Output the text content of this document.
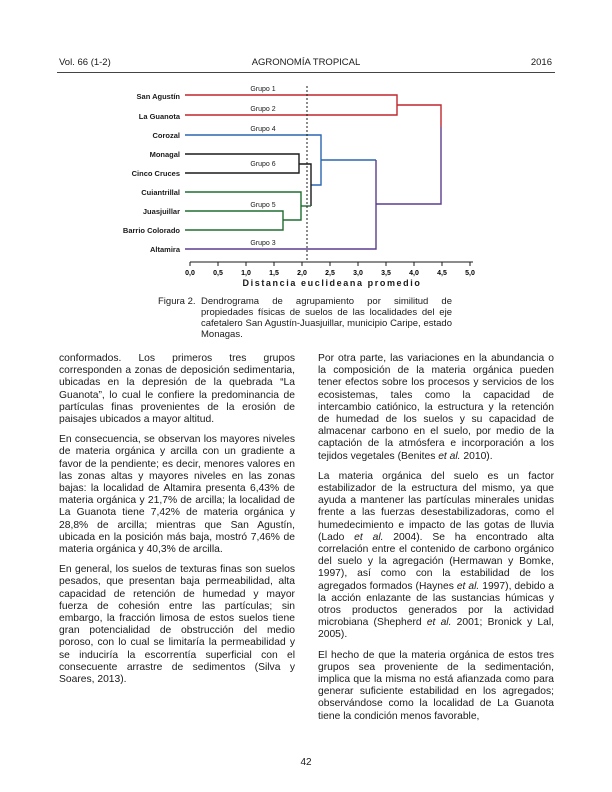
Vol. 66 (1-2)	AGRONOMÍA TROPICAL	2016
San Agustín
La Guanota
Corozal
Monagal
Cinco Cruces
Cuiantrillal
Juasjuillar
Barrio Colorado
Altamira
Grupo 1
Grupo 2
Grupo 4
Grupo 6
Grupo 5
Grupo 3
0,0	0,5	1,0	1,5	2,0	2,5	3,0	3,5	4,0	4,5	5,0
Distancia euclideana promedio
Figura 2. Dendrograma de agrupamiento por similitud de propiedades físicas de suelos de las localidades del eje cafetalero San Agustín-Juasjuillar, municipio Caripe, estado Monagas.

conformados. Los primeros tres grupos corresponden a zonas de deposición sedimentaria, ubicadas en la depresión de la quebrada “La Guanota”, lo cual le confiere la predominancia de partículas finas provenientes de la erosión de paisajes ubicados a mayor altitud.

En consecuencia, se observan los mayores niveles de materia orgánica y arcilla con un gradiente a favor de la pendiente; es decir, menores valores en las zonas altas y mayores niveles en las zonas bajas: la localidad de Altamira presenta 6,43% de materia orgánica y 21,7% de arcilla; la localidad de La Guanota tiene 7,42% de materia orgánica y 28,8% de arcilla; mientras que San Agustín, ubicada en la posición más baja, mostró 7,46% de materia orgánica y 40,3% de arcilla.

En general, los suelos de texturas finas son suelos pesados, que presentan baja permeabilidad, alta capacidad de retención de humedad y mayor fuerza de cohesión entre las partículas; sin embargo, la fracción limosa de estos suelos tiene gran potencialidad de obstrucción del medio poroso, con lo cual se limitaría la permeabilidad y se induciría la escorrentía superficial con el consecuente arrastre de sedimentos (Silva y Soares, 2013).

Por otra parte, las variaciones en la abundancia o la composición de la materia orgánica pueden tener efectos sobre los procesos y servicios de los ecosistemas, tales como la capacidad de intercambio catiónico, la estructura y la retención de humedad de los suelos y su capacidad de almacenar carbono en el suelo, por medio de la captación de la atmósfera e incorporación a los tejidos vegetales (Benites et al. 2010).

La materia orgánica del suelo es un factor estabilizador de la estructura del mismo, ya que ayuda a mantener las partículas minerales unidas frente a las fuerzas desestabilizadoras, como el humedecimiento e impacto de las gotas de lluvia (Lado et al. 2004). Se ha encontrado alta correlación entre el contenido de carbono orgánico del suelo y la agregación (Hermawan y Bomke, 1997), así como con la estabilidad de los agregados formados (Haynes et al. 1997), debido a la acción enlazante de las sustancias húmicas y otros productos generados por la actividad microbiana (Shepherd et al. 2001; Bronick y Lal, 2005).

El hecho de que la materia orgánica de estos tres grupos sea proveniente de la sedimentación, implica que la misma no está afianzada como para generar suficiente estabilidad en los agregados; observándose como la localidad de La Guanota tiene la condición menos favorable,

42
